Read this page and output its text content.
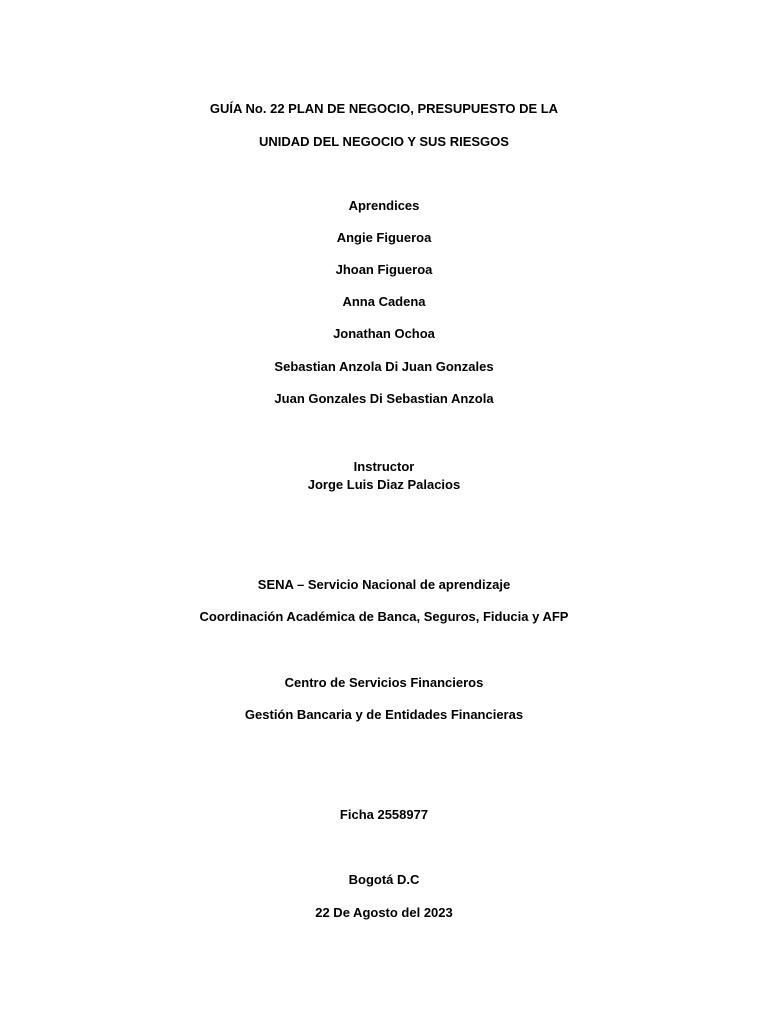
GUÍA No. 22 PLAN DE NEGOCIO, PRESUPUESTO DE LA
UNIDAD DEL NEGOCIO Y SUS RIESGOS
Aprendices
Angie Figueroa
Jhoan Figueroa
Anna Cadena
Jonathan Ochoa
Sebastian Anzola Di Juan Gonzales
Juan Gonzales Di Sebastian Anzola
Instructor
Jorge Luis Diaz Palacios
SENA – Servicio Nacional de aprendizaje
Coordinación Académica de Banca, Seguros, Fiducia y AFP
Centro de Servicios Financieros
Gestión Bancaria y de Entidades Financieras
Ficha 2558977
Bogotá D.C
22 De Agosto del 2023
